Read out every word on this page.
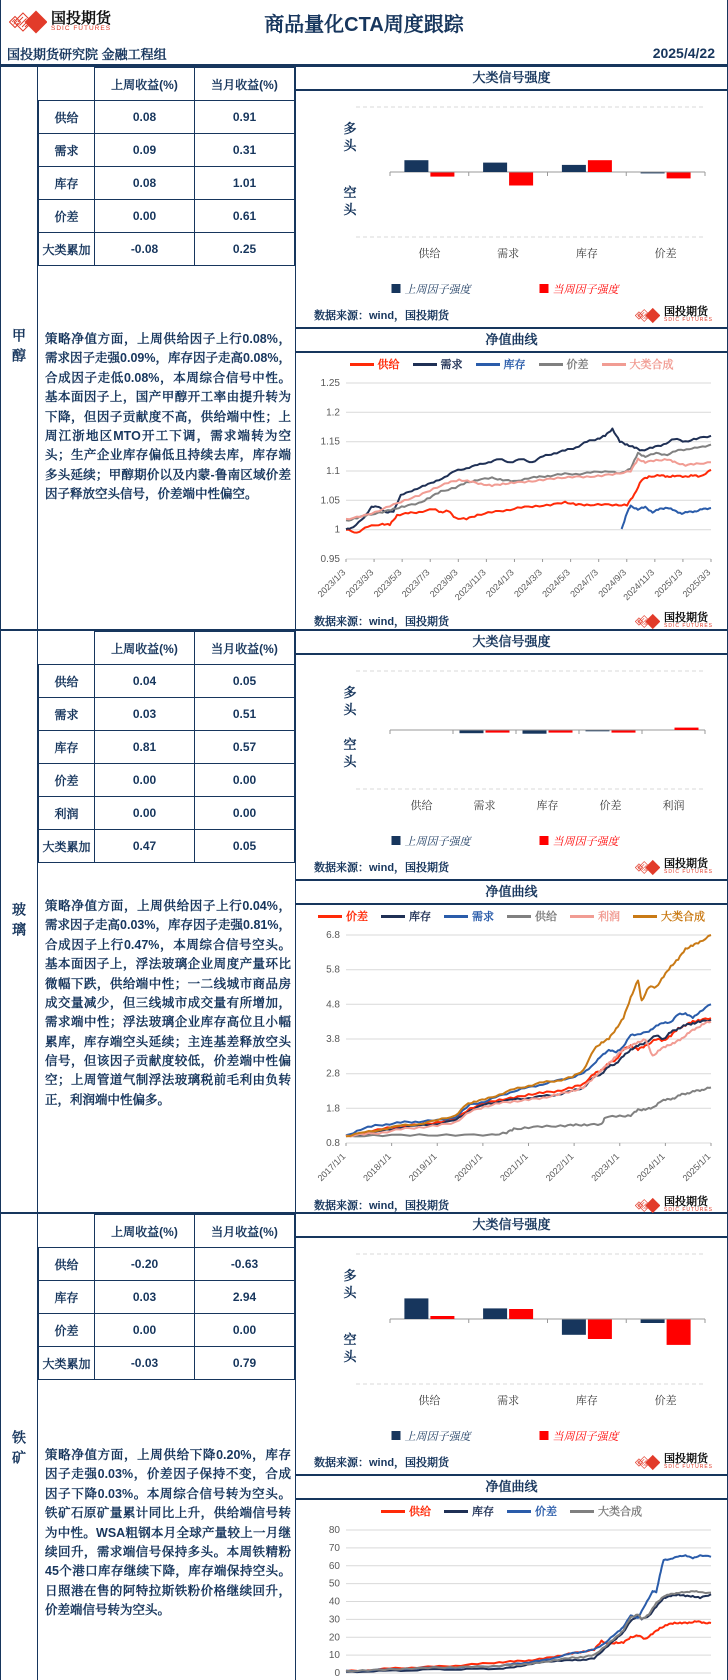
商品量化CTA周度跟踪
国投期货
SDIC FUTURES
国投期货研究院 金融工程组	2025/4/22
甲醇
	上周收益(%)	当月收益(%)
供给	0.08	0.91
需求	0.09	0.31
库存	0.08	1.01
价差	0.00	0.61
大类累加	-0.08	0.25
策略净值方面，上周供给因子上行0.08%，需求因子走强0.09%，库存因子走高0.08%，合成因子走低0.08%，本周综合信号中性。基本面因子上，国产甲醇开工率由提升转为下降，但因子贡献度不高，供给端中性；上周江浙地区MTO开工下调，需求端转为空头；生产企业库存偏低且持续去库，库存端多头延续；甲醇期价以及内蒙-鲁南区域价差因子释放空头信号，价差端中性偏空。
大类信号强度
多
头
空
头
供给	需求	库存	价差
上周因子强度	当周因子强度
数据来源：wind，国投期货	国投期货
SDIC FUTURES
净值曲线
供给	需求	库存	价差	大类合成
0.95
1
1.05
1.1
1.15
1.2
1.25
2023/1/3
2023/3/3
2023/5/3
2023/7/3
2023/9/3
2023/11/3
2024/1/3
2024/3/3
2024/5/3
2024/7/3
2024/9/3
2024/11/3
2025/1/3
2025/3/3
数据来源：wind，国投期货	国投期货
SDIC FUTURES
玻璃
	上周收益(%)	当月收益(%)
供给	0.04	0.05
需求	0.03	0.51
库存	0.81	0.57
价差	0.00	0.00
利润	0.00	0.00
大类累加	0.47	0.05
策略净值方面，上周供给因子上行0.04%，需求因子走高0.03%，库存因子走强0.81%，合成因子上行0.47%，本周综合信号空头。基本面因子上，浮法玻璃企业周度产量环比微幅下跌，供给端中性；一二线城市商品房成交量减少，但三线城市成交量有所增加，需求端中性；浮法玻璃企业库存高位且小幅累库，库存端空头延续；主连基差释放空头信号，但该因子贡献度较低，价差端中性偏空；上周管道气制浮法玻璃税前毛利由负转正，利润端中性偏多。
大类信号强度
多
头
空
头
供给	需求	库存	价差	利润
上周因子强度	当周因子强度
数据来源：wind，国投期货	国投期货
SDIC FUTURES
净值曲线
价差	库存	需求	供给	利润	大类合成
0.8
1.8
2.8
3.8
4.8
5.8
6.8
2017/1/1 2018/1/1 2019/1/1 2020/1/1 2021/1/1 2022/1/1 2023/1/1 2024/1/1 2025/1/1
数据来源：wind，国投期货	国投期货
SDIC FUTURES
铁矿
	上周收益(%)	当月收益(%)
供给	-0.20	-0.63
库存	0.03	2.94
价差	0.00	0.00
大类累加	-0.03	0.79
策略净值方面，上周供给下降0.20%，库存因子走强0.03%，价差因子保持不变，合成因子下降0.03%。本周综合信号转为空头。铁矿石原矿量累计同比上升，供给端信号转为中性。WSA粗钢本月全球产量较上一月继续回升，需求端信号保持多头。本周铁精粉45个港口库存继续下降，库存端保持空头。日照港在售的阿特拉斯铁粉价格继续回升，价差端信号转为空头。
大类信号强度
多
头
空
头
供给	需求	库存	价差
上周因子强度	当周因子强度
数据来源：wind，国投期货	国投期货
SDIC FUTURES
净值曲线
供给	库存	价差	大类合成
0
10
20
30
40
50
60
70
80
